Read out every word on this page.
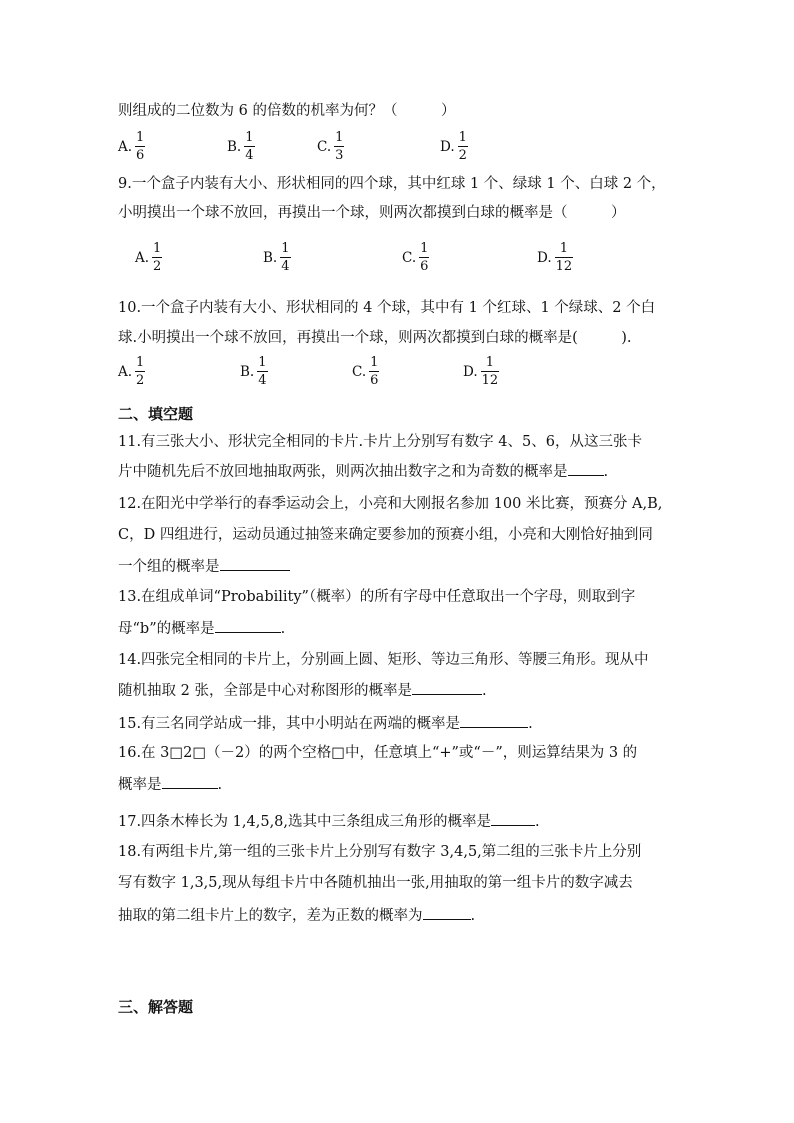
则组成的二位数为 6 的倍数的机率为何？（　　　）
A. $\frac{1}{6}$	B. $\frac{1}{4}$	C. $\frac{1}{3}$	D. $\frac{1}{2}$
9.一个盒子内装有大小、形状相同的四个球，其中红球 1 个、绿球 1 个、白球 2 个，
小明摸出一个球不放回，再摸出一个球，则两次都摸到白球的概率是（　　　）
A. $\frac{1}{2}$	B. $\frac{1}{4}$	C. $\frac{1}{6}$	D. $\frac{1}{12}$
10.一个盒子内装有大小、形状相同的 4 个球，其中有 1 个红球、1 个绿球、2 个白
球.小明摸出一个球不放回，再摸出一个球，则两次都摸到白球的概率是(　　　).
A. $\frac{1}{2}$	B. $\frac{1}{4}$	C. $\frac{1}{6}$	D. $\frac{1}{12}$
二、填空题
11.有三张大小、形状完全相同的卡片.卡片上分别写有数字 4、5、6，从这三张卡
片中随机先后不放回地抽取两张，则两次抽出数字之和为奇数的概率是 .
12.在阳光中学举行的春季运动会上，小亮和大刚报名参加 100 米比赛，预赛分 A,B,
C，D 四组进行，运动员通过抽签来确定要参加的预赛小组，小亮和大刚恰好抽到同
一个组的概率是
13.在组成单词“Probability”（概率）的所有字母中任意取出一个字母，则取到字
母“b”的概率是	.
14.四张完全相同的卡片上，分别画上圆、矩形、等边三角形、等腰三角形。现从中
随机抽取 2 张，全部是中心对称图形的概率是	.
15.有三名同学站成一排，其中小明站在两端的概率是	.
16.在 3□2□（－2）的两个空格□中，任意填上“+”或“－”，则运算结果为 3 的
概率是	.
17.四条木棒长为 1,4,5,8,选其中三条组成三角形的概率是	.
18.有两组卡片,第一组的三张卡片上分别写有数字 3,4,5,第二组的三张卡片上分别
写有数字 1,3,5,现从每组卡片中各随机抽出一张,用抽取的第一组卡片的数字减去
抽取的第二组卡片上的数字，差为正数的概率为	.
三、解答题
